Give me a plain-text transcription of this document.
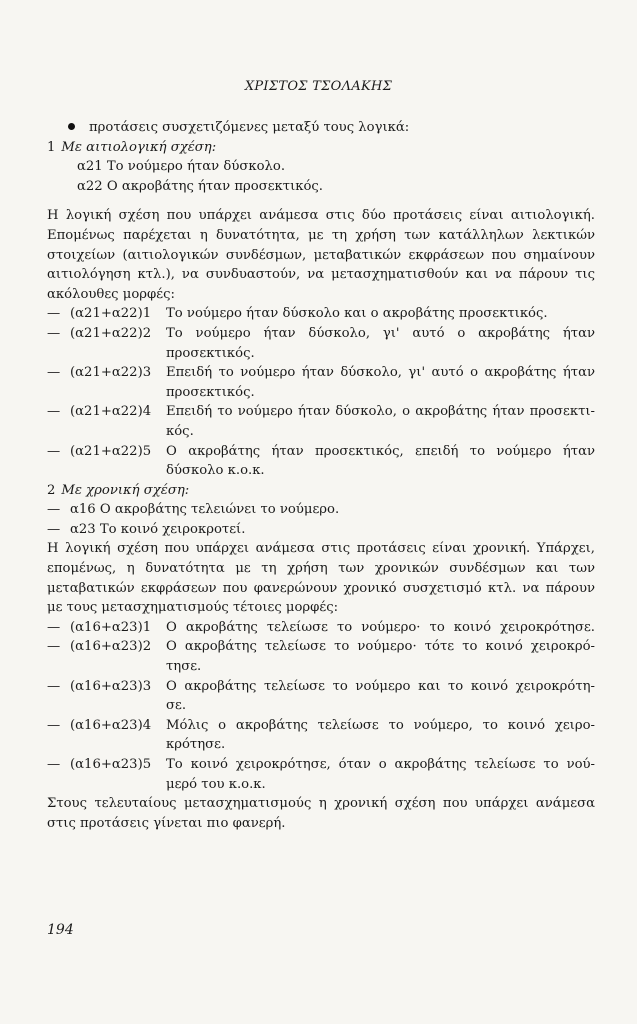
ΧΡΙΣΤΟΣ ΤΣΟΛΑΚΗΣ
προτάσεις συσχετιζόμενες μεταξύ τους λογικά:
1 Με αιτιολογική σχέση:
α21 Το νούμερο ήταν δύσκολο.
α22 Ο ακροβάτης ήταν προσεκτικός.
Η λογική σχέση που υπάρχει ανάμεσα στις δύο προτάσεις είναι αιτιολογική.
Επομένως παρέχεται η δυνατότητα, με τη χρήση των κατάλληλων λεκτικών
στοιχείων (αιτιολογικών συνδέσμων, μεταβατικών εκφράσεων που σημαίνουν
αιτιολόγηση κτλ.), να συνδυαστούν, να μετασχηματισθούν και να πάρουν τις
ακόλουθες μορφές:
— (α21+α22)1	Το νούμερο ήταν δύσκολο και ο ακροβάτης προσεκτικός.
— (α21+α22)2	Το νούμερο ήταν δύσκολο, γι' αυτό ο ακροβάτης ήταν
προσεκτικός.
— (α21+α22)3	Επειδή το νούμερο ήταν δύσκολο, γι' αυτό ο ακροβάτης ήταν
προσεκτικός.
— (α21+α22)4	Επειδή το νούμερο ήταν δύσκολο, ο ακροβάτης ήταν προσεκτι-
κός.
— (α21+α22)5	Ο ακροβάτης ήταν προσεκτικός, επειδή το νούμερο ήταν
δύσκολο κ.ο.κ.
2 Με χρονική σχέση:
— α16 Ο ακροβάτης τελειώνει το νούμερο.
— α23 Το κοινό χειροκροτεί.
Η λογική σχέση που υπάρχει ανάμεσα στις προτάσεις είναι χρονική. Υπάρχει,
επομένως, η δυνατότητα με τη χρήση των χρονικών συνδέσμων και των
μεταβατικών εκφράσεων που φανερώνουν χρονικό συσχετισμό κτλ. να πάρουν
με τους μετασχηματισμούς τέτοιες μορφές:
— (α16+α23)1	Ο ακροβάτης τελείωσε το νούμερο· το κοινό χειροκρότησε.
— (α16+α23)2	Ο ακροβάτης τελείωσε το νούμερο· τότε το κοινό χειροκρό-
τησε.
— (α16+α23)3	Ο ακροβάτης τελείωσε το νούμερο και το κοινό χειροκρότη-
σε.
— (α16+α23)4	Μόλις ο ακροβάτης τελείωσε το νούμερο, το κοινό χειρο-
κρότησε.
— (α16+α23)5	Το κοινό χειροκρότησε, όταν ο ακροβάτης τελείωσε το νού-
μερό του κ.ο.κ.
Στους τελευταίους μετασχηματισμούς η χρονική σχέση που υπάρχει ανάμεσα
στις προτάσεις γίνεται πιο φανερή.
194
